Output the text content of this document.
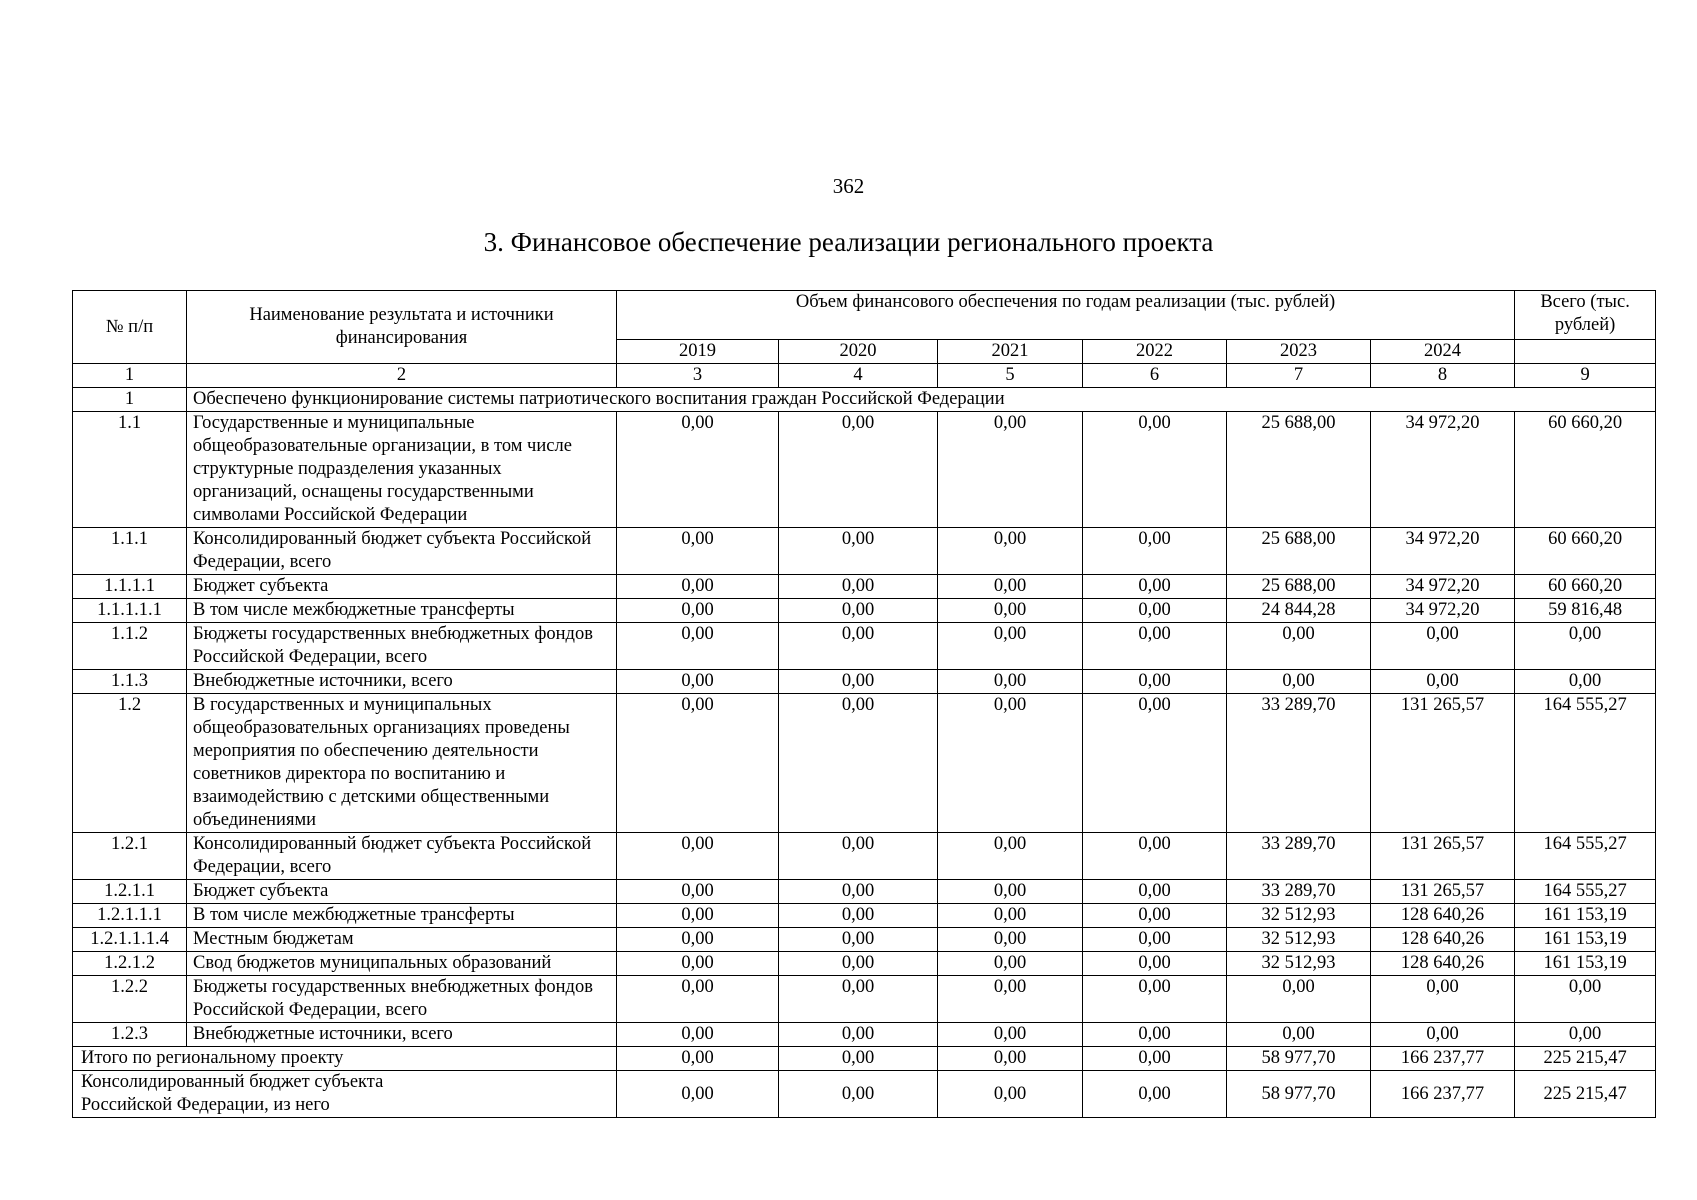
362
3. Финансовое обеспечение реализации регионального проекта
№ п/п	Наименование результата и источники финансирования	Объем финансового обеспечения по годам реализации (тыс. рублей)						Всего (тыс. рублей)
		2019	2020	2021	2022	2023	2024	
1	2	3	4	5	6	7	8	9
1	Обеспечено функционирование системы патриотического воспитания граждан Российской Федерации							
1.1	Государственные и муниципальные общеобразовательные организации, в том числе структурные подразделения указанных организаций, оснащены государственными символами Российской Федерации	0,00	0,00	0,00	0,00	25 688,00	34 972,20	60 660,20
1.1.1	Консолидированный бюджет субъекта Российской Федерации, всего	0,00	0,00	0,00	0,00	25 688,00	34 972,20	60 660,20
1.1.1.1	Бюджет субъекта	0,00	0,00	0,00	0,00	25 688,00	34 972,20	60 660,20
1.1.1.1.1	В том числе межбюджетные трансферты	0,00	0,00	0,00	0,00	24 844,28	34 972,20	59 816,48
1.1.2	Бюджеты государственных внебюджетных фондов Российской Федерации, всего	0,00	0,00	0,00	0,00	0,00	0,00	0,00
1.1.3	Внебюджетные источники, всего	0,00	0,00	0,00	0,00	0,00	0,00	0,00
1.2	В государственных и муниципальных общеобразовательных организациях проведены мероприятия по обеспечению деятельности советников директора по воспитанию и взаимодействию с детскими общественными объединениями	0,00	0,00	0,00	0,00	33 289,70	131 265,57	164 555,27
1.2.1	Консолидированный бюджет субъекта Российской Федерации, всего	0,00	0,00	0,00	0,00	33 289,70	131 265,57	164 555,27
1.2.1.1	Бюджет субъекта	0,00	0,00	0,00	0,00	33 289,70	131 265,57	164 555,27
1.2.1.1.1	В том числе межбюджетные трансферты	0,00	0,00	0,00	0,00	32 512,93	128 640,26	161 153,19
1.2.1.1.1.4	Местным бюджетам	0,00	0,00	0,00	0,00	32 512,93	128 640,26	161 153,19
1.2.1.2	Свод бюджетов муниципальных образований	0,00	0,00	0,00	0,00	32 512,93	128 640,26	161 153,19
1.2.2	Бюджеты государственных внебюджетных фондов Российской Федерации, всего	0,00	0,00	0,00	0,00	0,00	0,00	0,00
1.2.3	Внебюджетные источники, всего	0,00	0,00	0,00	0,00	0,00	0,00	0,00
Итого по региональному проекту		0,00	0,00	0,00	0,00	58 977,70	166 237,77	225 215,47
Консолидированный бюджет субъекта Российской Федерации, из него		0,00	0,00	0,00	0,00	58 977,70	166 237,77	225 215,47
